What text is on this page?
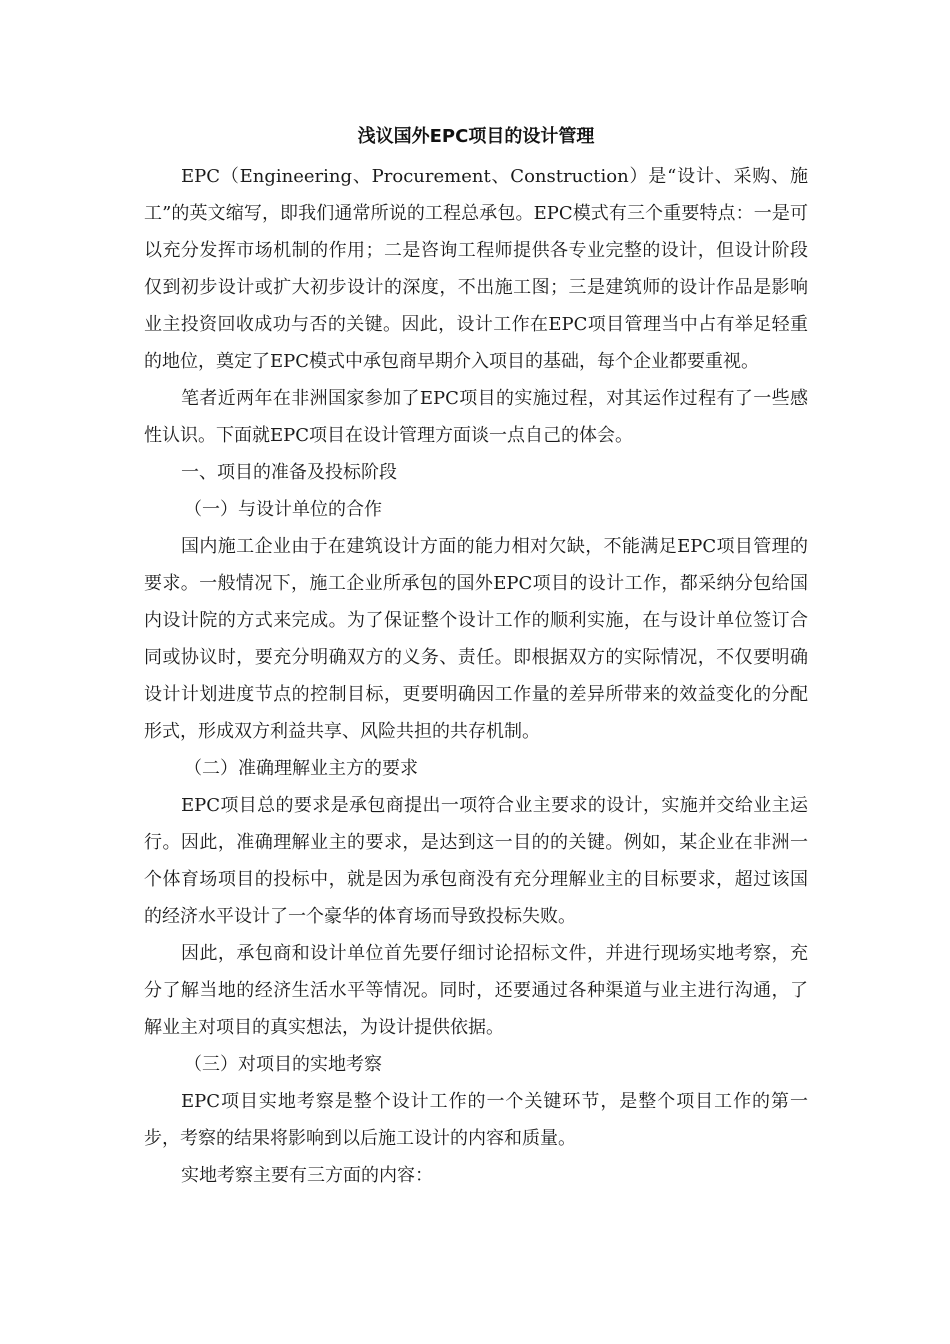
浅议国外EPC项目的设计管理

EPC（Engineering、Procurement、Construction）是“设计、采购、施工”的英文缩写，即我们通常所说的工程总承包。EPC模式有三个重要特点：一是可以充分发挥市场机制的作用；二是咨询工程师提供各专业完整的设计，但设计阶段仅到初步设计或扩大初步设计的深度，不出施工图；三是建筑师的设计作品是影响业主投资回收成功与否的关键。因此，设计工作在EPC项目管理当中占有举足轻重的地位，奠定了EPC模式中承包商早期介入项目的基础，每个企业都要重视。

笔者近两年在非洲国家参加了EPC项目的实施过程，对其运作过程有了一些感性认识。下面就EPC项目在设计管理方面谈一点自己的体会。

一、项目的准备及投标阶段

（一）与设计单位的合作

国内施工企业由于在建筑设计方面的能力相对欠缺，不能满足EPC项目管理的要求。一般情况下，施工企业所承包的国外EPC项目的设计工作，都采纳分包给国内设计院的方式来完成。为了保证整个设计工作的顺利实施，在与设计单位签订合同或协议时，要充分明确双方的义务、责任。即根据双方的实际情况，不仅要明确设计计划进度节点的控制目标，更要明确因工作量的差异所带来的效益变化的分配形式，形成双方利益共享、风险共担的共存机制。

（二）准确理解业主方的要求

EPC项目总的要求是承包商提出一项符合业主要求的设计，实施并交给业主运行。因此，准确理解业主的要求，是达到这一目的的关键。例如，某企业在非洲一个体育场项目的投标中，就是因为承包商没有充分理解业主的目标要求，超过该国的经济水平设计了一个豪华的体育场而导致投标失败。

因此，承包商和设计单位首先要仔细讨论招标文件，并进行现场实地考察，充分了解当地的经济生活水平等情况。同时，还要通过各种渠道与业主进行沟通，了解业主对项目的真实想法，为设计提供依据。

（三）对项目的实地考察

EPC项目实地考察是整个设计工作的一个关键环节，是整个项目工作的第一步，考察的结果将影响到以后施工设计的内容和质量。

实地考察主要有三方面的内容：
